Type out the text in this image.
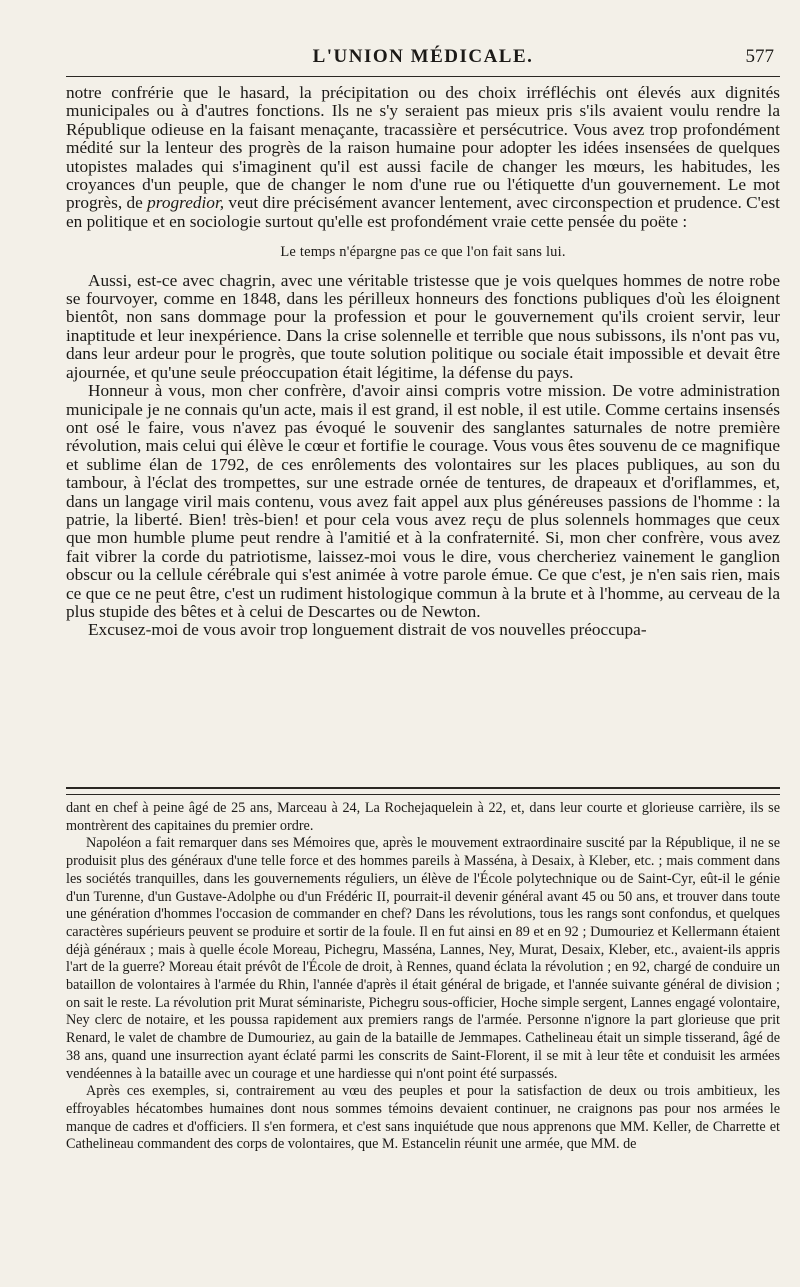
L'UNION MÉDICALE.	577

notre confrérie que le hasard, la précipitation ou des choix irréfléchis ont élevés aux dignités municipales ou à d'autres fonctions. Ils ne s'y seraient pas mieux pris s'ils avaient voulu rendre la République odieuse en la faisant menaçante, tracassière et persécutrice. Vous avez trop profondément médité sur la lenteur des progrès de la raison humaine pour adopter les idées insensées de quelques utopistes malades qui s'imaginent qu'il est aussi facile de changer les mœurs, les habitudes, les croyances d'un peuple, que de changer le nom d'une rue ou l'étiquette d'un gouvernement. Le mot progrès, de progredior, veut dire précisément avancer lentement, avec circonspection et prudence. C'est en politique et en sociologie surtout qu'elle est profondément vraie cette pensée du poëte :

Le temps n'épargne pas ce que l'on fait sans lui.

Aussi, est-ce avec chagrin, avec une véritable tristesse que je vois quelques hommes de notre robe se fourvoyer, comme en 1848, dans les périlleux honneurs des fonctions publiques d'où les éloignent bientôt, non sans dommage pour la profession et pour le gouvernement qu'ils croient servir, leur inaptitude et leur inexpérience. Dans la crise solennelle et terrible que nous subissons, ils n'ont pas vu, dans leur ardeur pour le progrès, que toute solution politique ou sociale était impossible et devait être ajournée, et qu'une seule préoccupation était légitime, la défense du pays.

Honneur à vous, mon cher confrère, d'avoir ainsi compris votre mission. De votre administration municipale je ne connais qu'un acte, mais il est grand, il est noble, il est utile. Comme certains insensés ont osé le faire, vous n'avez pas évoqué le souvenir des sanglantes saturnales de notre première révolution, mais celui qui élève le cœur et fortifie le courage. Vous vous êtes souvenu de ce magnifique et sublime élan de 1792, de ces enrôlements des volontaires sur les places publiques, au son du tambour, à l'éclat des trompettes, sur une estrade ornée de tentures, de drapeaux et d'oriflammes, et, dans un langage viril mais contenu, vous avez fait appel aux plus généreuses passions de l'homme : la patrie, la liberté. Bien! très-bien! et pour cela vous avez reçu de plus solennels hommages que ceux que mon humble plume peut rendre à l'amitié et à la confraternité. Si, mon cher confrère, vous avez fait vibrer la corde du patriotisme, laissez-moi vous le dire, vous chercheriez vainement le ganglion obscur ou la cellule cérébrale qui s'est animée à votre parole émue. Ce que c'est, je n'en sais rien, mais ce que ce ne peut être, c'est un rudiment histologique commun à la brute et à l'homme, au cerveau de la plus stupide des bêtes et à celui de Descartes ou de Newton.

Excusez-moi de vous avoir trop longuement distrait de vos nouvelles préoccupa-

dant en chef à peine âgé de 25 ans, Marceau à 24, La Rochejaquelein à 22, et, dans leur courte et glorieuse carrière, ils se montrèrent des capitaines du premier ordre.

Napoléon a fait remarquer dans ses Mémoires que, après le mouvement extraordinaire suscité par la République, il ne se produisit plus des généraux d'une telle force et des hommes pareils à Masséna, à Desaix, à Kleber, etc. ; mais comment dans les sociétés tranquilles, dans les gouvernements réguliers, un élève de l'École polytechnique ou de Saint-Cyr, eût-il le génie d'un Turenne, d'un Gustave-Adolphe ou d'un Frédéric II, pourrait-il devenir général avant 45 ou 50 ans, et trouver dans toute une génération d'hommes l'occasion de commander en chef? Dans les révolutions, tous les rangs sont confondus, et quelques caractères supérieurs peuvent se produire et sortir de la foule. Il en fut ainsi en 89 et en 92 ; Dumouriez et Kellermann étaient déjà généraux ; mais à quelle école Moreau, Pichegru, Masséna, Lannes, Ney, Murat, Desaix, Kleber, etc., avaient-ils appris l'art de la guerre? Moreau était prévôt de l'École de droit, à Rennes, quand éclata la révolution ; en 92, chargé de conduire un bataillon de volontaires à l'armée du Rhin, l'année d'après il était général de brigade, et l'année suivante général de division ; on sait le reste. La révolution prit Murat séminariste, Pichegru sous-officier, Hoche simple sergent, Lannes engagé volontaire, Ney clerc de notaire, et les poussa rapidement aux premiers rangs de l'armée. Personne n'ignore la part glorieuse que prit Renard, le valet de chambre de Dumouriez, au gain de la bataille de Jemmapes. Cathelineau était un simple tisserand, âgé de 38 ans, quand une insurrection ayant éclaté parmi les conscrits de Saint-Florent, il se mit à leur tête et conduisit les armées vendéennes à la bataille avec un courage et une hardiesse qui n'ont point été surpassés.

Après ces exemples, si, contrairement au vœu des peuples et pour la satisfaction de deux ou trois ambitieux, les effroyables hécatombes humaines dont nous sommes témoins devaient continuer, ne craignons pas pour nos armées le manque de cadres et d'officiers. Il s'en formera, et c'est sans inquiétude que nous apprenons que MM. Keller, de Charrette et Cathelineau commandent des corps de volontaires, que M. Estancelin réunit une armée, que MM. de
